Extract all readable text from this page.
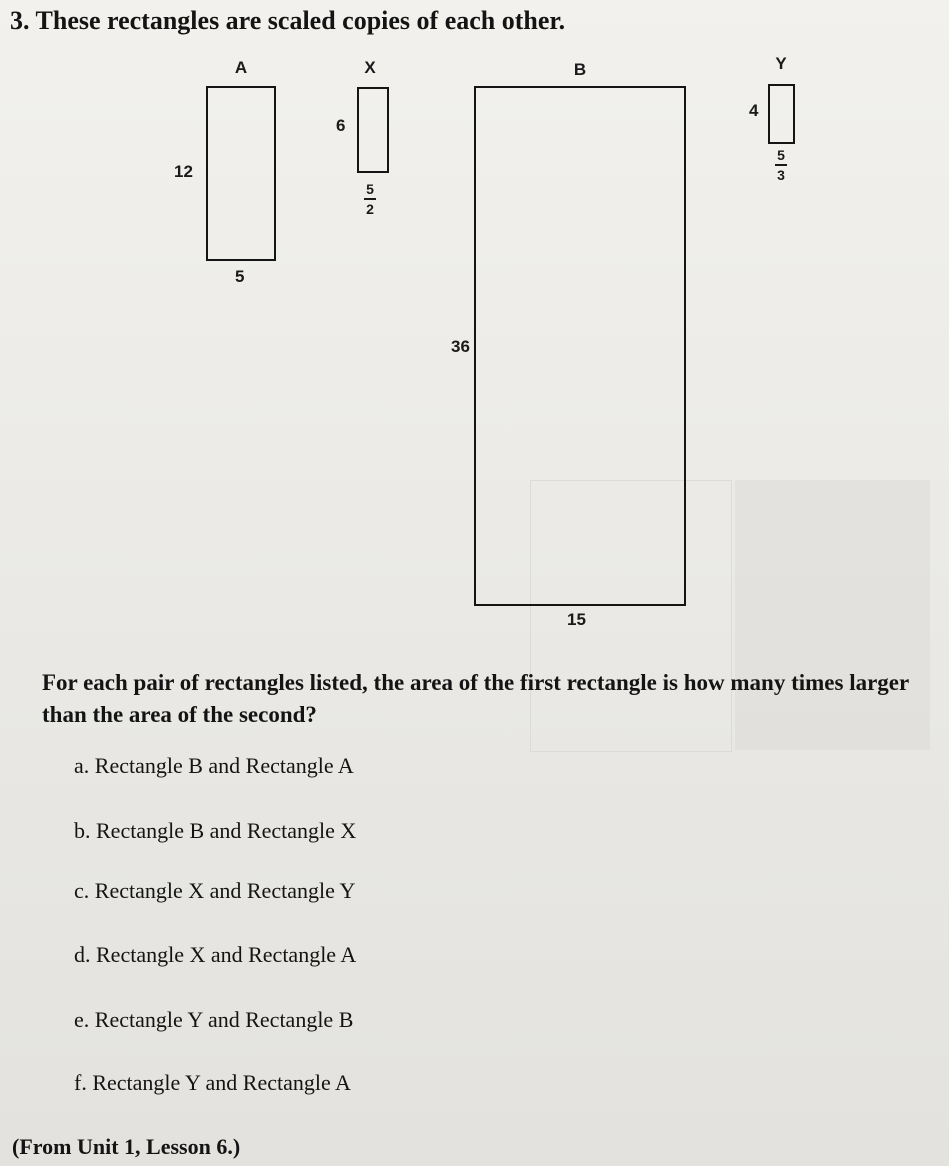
3. These rectangles are scaled copies of each other.
A
12
5
X
6
5
2
B
36
15
Y
4
5
3
For each pair of rectangles listed, the area of the first rectangle is how many times larger than the area of the second?
a. Rectangle B and Rectangle A
b. Rectangle B and Rectangle X
c. Rectangle X and Rectangle Y
d. Rectangle X and Rectangle A
e. Rectangle Y and Rectangle B
f. Rectangle Y and Rectangle A
(From Unit 1, Lesson 6.)
